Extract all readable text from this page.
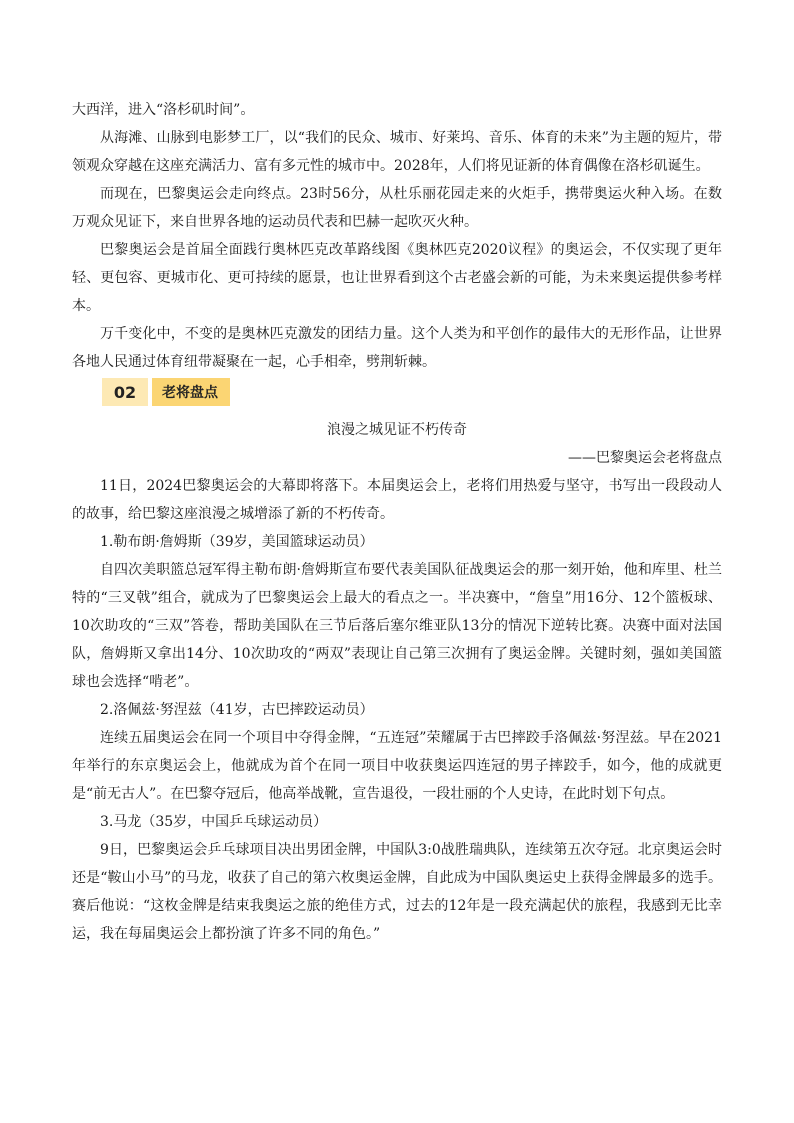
大西洋，进入“洛杉矶时间”。

从海滩、山脉到电影梦工厂，以“我们的民众、城市、好莱坞、音乐、体育的未来”为主题的短片，带领观众穿越在这座充满活力、富有多元性的城市中。2028年，人们将见证新的体育偶像在洛杉矶诞生。

而现在，巴黎奥运会走向终点。23时56分，从杜乐丽花园走来的火炬手，携带奥运火种入场。在数万观众见证下，来自世界各地的运动员代表和巴赫一起吹灭火种。

巴黎奥运会是首届全面践行奥林匹克改革路线图《奥林匹克2020议程》的奥运会，不仅实现了更年轻、更包容、更城市化、更可持续的愿景，也让世界看到这个古老盛会新的可能，为未来奥运提供参考样本。

万千变化中，不变的是奥林匹克激发的团结力量。这个人类为和平创作的最伟大的无形作品，让世界各地人民通过体育纽带凝聚在一起，心手相牵，劈荆斩棘。

02	老将盘点

浪漫之城见证不朽传奇

——巴黎奥运会老将盘点

11日，2024巴黎奥运会的大幕即将落下。本届奥运会上，老将们用热爱与坚守，书写出一段段动人的故事，给巴黎这座浪漫之城增添了新的不朽传奇。

1.勒布朗·詹姆斯（39岁，美国篮球运动员）

自四次美职篮总冠军得主勒布朗·詹姆斯宣布要代表美国队征战奥运会的那一刻开始，他和库里、杜兰特的“三叉戟”组合，就成为了巴黎奥运会上最大的看点之一。半决赛中，“詹皇”用16分、12个篮板球、10次助攻的“三双”答卷，帮助美国队在三节后落后塞尔维亚队13分的情况下逆转比赛。决赛中面对法国队，詹姆斯又拿出14分、10次助攻的“两双”表现让自己第三次拥有了奥运金牌。关键时刻，强如美国篮球也会选择“啃老”。

2.洛佩兹·努涅兹（41岁，古巴摔跤运动员）

连续五届奥运会在同一个项目中夺得金牌，“五连冠”荣耀属于古巴摔跤手洛佩兹·努涅兹。早在2021年举行的东京奥运会上，他就成为首个在同一项目中收获奥运四连冠的男子摔跤手，如今，他的成就更是“前无古人”。在巴黎夺冠后，他高举战靴，宣告退役，一段壮丽的个人史诗，在此时划下句点。

3.马龙（35岁，中国乒乓球运动员）

9日，巴黎奥运会乒乓球项目决出男团金牌，中国队3:0战胜瑞典队，连续第五次夺冠。北京奥运会时还是“鞍山小马”的马龙，收获了自己的第六枚奥运金牌，自此成为中国队奥运史上获得金牌最多的选手。赛后他说：“这枚金牌是结束我奥运之旅的绝佳方式，过去的12年是一段充满起伏的旅程，我感到无比幸运，我在每届奥运会上都扮演了许多不同的角色。”
